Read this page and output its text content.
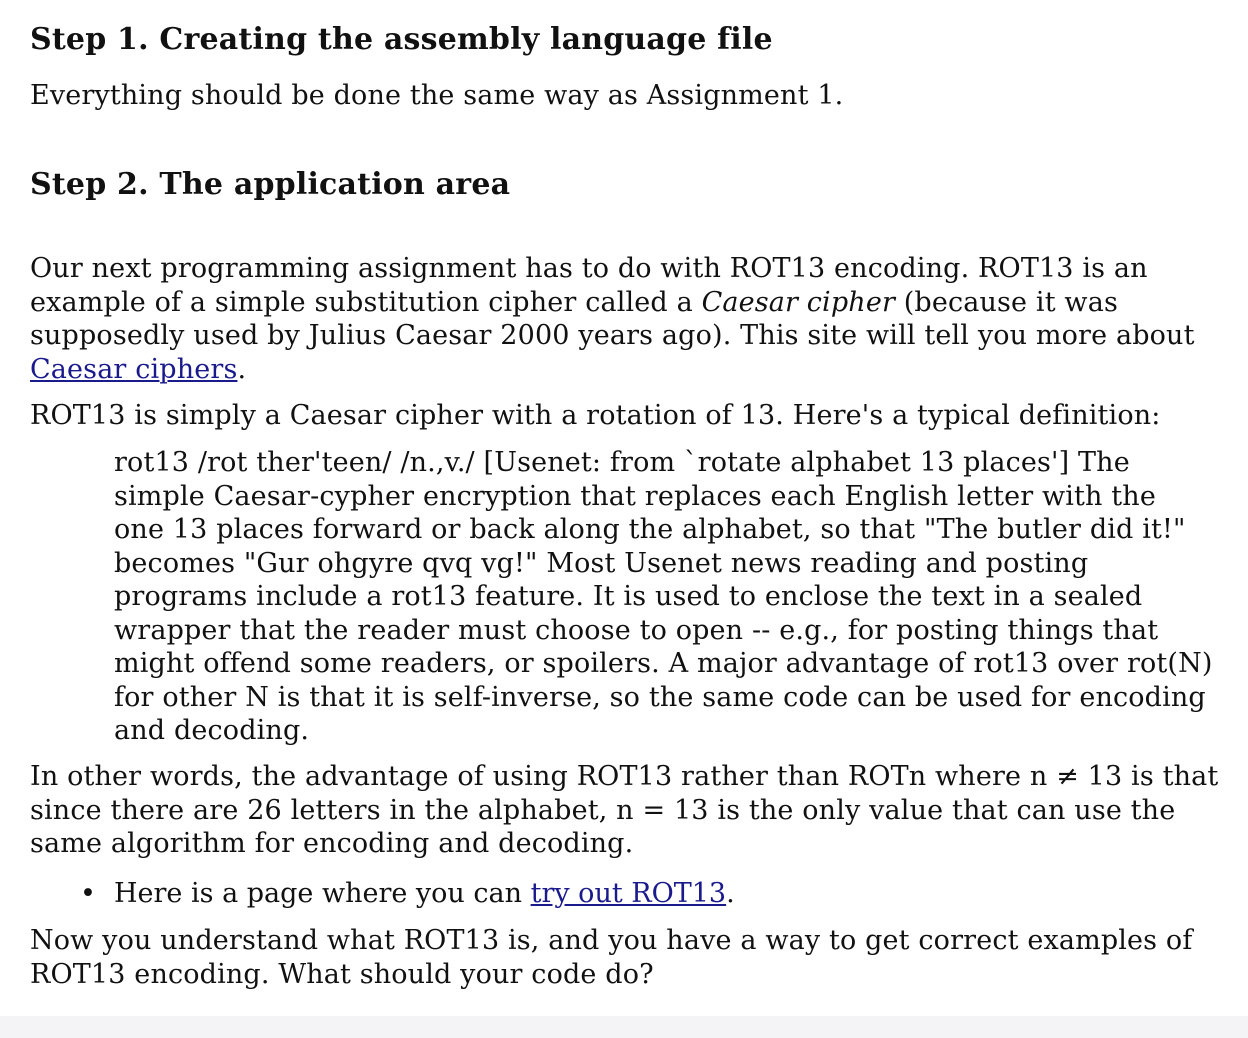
Step 1. Creating the assembly language file

Everything should be done the same way as Assignment 1.

Step 2. The application area

Our next programming assignment has to do with ROT13 encoding. ROT13 is an example of a simple substitution cipher called a Caesar cipher (because it was supposedly used by Julius Caesar 2000 years ago). This site will tell you more about Caesar ciphers.

ROT13 is simply a Caesar cipher with a rotation of 13. Here's a typical definition:

rot13 /rot ther'teen/ /n.,v./ [Usenet: from `rotate alphabet 13 places'] The simple Caesar-cypher encryption that replaces each English letter with the one 13 places forward or back along the alphabet, so that "The butler did it!" becomes "Gur ohgyre qvq vg!" Most Usenet news reading and posting programs include a rot13 feature. It is used to enclose the text in a sealed wrapper that the reader must choose to open -- e.g., for posting things that might offend some readers, or spoilers. A major advantage of rot13 over rot(N) for other N is that it is self-inverse, so the same code can be used for encoding and decoding.

In other words, the advantage of using ROT13 rather than ROTn where n ≠ 13 is that since there are 26 letters in the alphabet, n = 13 is the only value that can use the same algorithm for encoding and decoding.

• Here is a page where you can try out ROT13.

Now you understand what ROT13 is, and you have a way to get correct examples of ROT13 encoding. What should your code do?
